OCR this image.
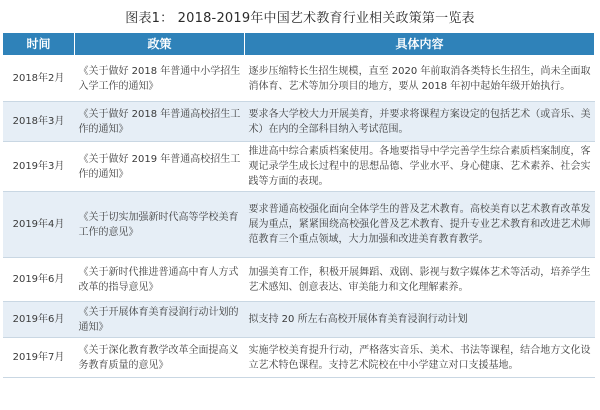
图表1： 2018-2019年中国艺术教育行业相关政策第一览表
时间	政策	具体内容
2018年2月	《关于做好 2018 年普通中小学招生入学工作的通知》	逐步压缩特长生招生规模，直至 2020 年前取消各类特长生招生，尚未全面取消体育、艺术等加分项目的地方，要从 2018 年初中起始年级开始执行。
2018年3月	《关于做好 2018 年普通高校招生工作的通知》	要求各大学校大力开展美育，并要求将课程方案设定的包括艺术（或音乐、美术）在内的全部科目纳入考试范围。
2019年3月	《关于做好 2019 年普通高校招生工作的通知》	推进高中综合素质档案使用。各地要指导中学完善学生综合素质档案制度，客观记录学生成长过程中的思想品德、学业水平、身心健康、艺术素养、社会实践等方面的表现。
2019年4月	《关于切实加强新时代高等学校美育工作的意见》	要求普通高校强化面向全体学生的普及艺术教育。高校美育以艺术教育改革发展为重点，紧紧围绕高校强化普及艺术教育、提升专业艺术教育和改进艺术师范教育三个重点领域，大力加强和改进美育教育教学。
2019年6月	《关于新时代推进普通高中育人方式改革的指导意见》	加强美育工作，积极开展舞蹈、戏剧、影视与数字媒体艺术等活动，培养学生艺术感知、创意表达、审美能力和文化理解素养。
2019年6月	《关于开展体育美育浸润行动计划的通知》	拟支持 20 所左右高校开展体育美育浸润行动计划
2019年7月	《关于深化教育教学改革全面提高义务教育质量的意见》	实施学校美育提升行动，严格落实音乐、美术、书法等课程，结合地方文化设立艺术特色课程。支持艺术院校在中小学建立对口支援基地。
